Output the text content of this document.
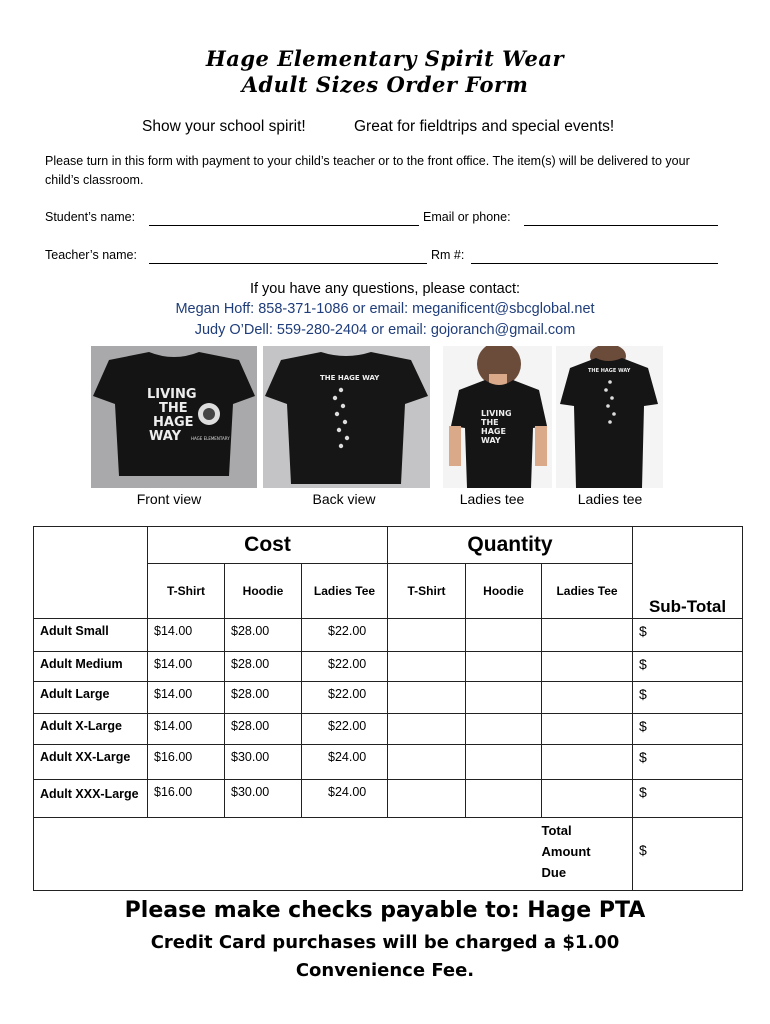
Hage Elementary Spirit Wear
Adult Sizes Order Form
Show your school spirit!	Great for fieldtrips and special events!
Please turn in this form with payment to your child’s teacher or to the front office. The item(s) will be delivered to your child’s classroom.
Student’s name:	Email or phone:
Teacher’s name:	Rm #:
If you have any questions, please contact:
Megan Hoff: 858-371-1086 or email: meganificent@sbcglobal.net
Judy O’Dell: 559-280-2404 or email: gojoranch@gmail.com
LIVING
THE
HAGE
WAY	HAGE ELEMENTARY
THE HAGE WAY
LIVING
THE
HAGE
WAY
THE HAGE WAY
Front view	Back view	Ladies tee	Ladies tee
	Cost			Quantity			Sub-Total
	T-Shirt	Hoodie	Ladies Tee	T-Shirt	Hoodie	Ladies Tee	
Adult Small	$14.00	$28.00	$22.00				$
Adult Medium	$14.00	$28.00	$22.00				$
Adult Large	$14.00	$28.00	$22.00				$
Adult X-Large	$14.00	$28.00	$22.00				$
Adult XX-Large	$16.00	$30.00	$24.00				$
Adult XXX-Large	$16.00	$30.00	$24.00				$

						Total
Amount
Due	$
Please make checks payable to: Hage PTA
Credit Card purchases will be charged a $1.00
Convenience Fee.
